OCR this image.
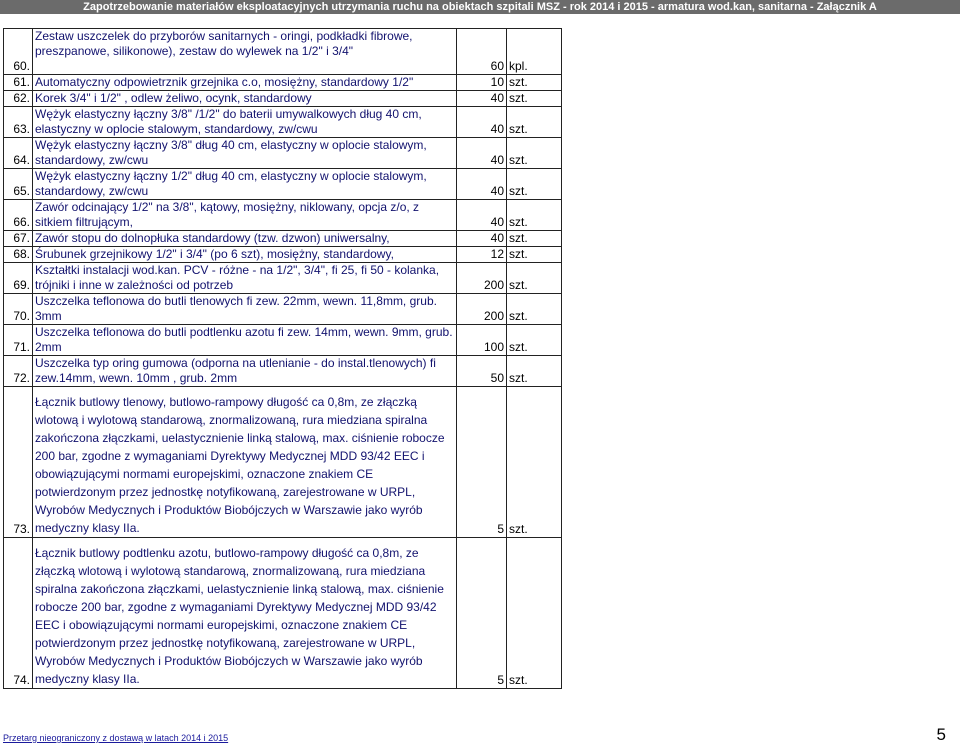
Zapotrzebowanie materiałów eksploatacyjnych utrzymania ruchu na obiektach szpitali MSZ - rok 2014 i 2015 - armatura wod.kan, sanitarna - Załącznik A
60.	Zestaw uszczelek do przyborów sanitarnych - oringi, podkładki fibrowe, preszpanowe, silikonowe), zestaw do wylewek na 1/2" i 3/4"	60	kpl.
61.	Automatyczny odpowietrznik grzejnika c.o, mosiężny, standardowy 1/2"	10	szt.
62.	Korek 3/4" i 1/2" , odlew żeliwo, ocynk, standardowy	40	szt.
63.	Wężyk elastyczny łączny 3/8" /1/2" do baterii umywalkowych dług 40 cm, elastyczny w oplocie stalowym, standardowy, zw/cwu	40	szt.
64.	Wężyk elastyczny łączny 3/8" dług 40 cm, elastyczny w oplocie stalowym, standardowy, zw/cwu	40	szt.
65.	Wężyk elastyczny łączny 1/2" dług 40 cm, elastyczny w oplocie stalowym, standardowy, zw/cwu	40	szt.
66.	Zawór odcinający 1/2" na 3/8", kątowy, mosiężny, niklowany, opcja z/o, z sitkiem filtrującym,	40	szt.
67.	Zawór stopu do dolnopłuka standardowy (tzw. dzwon) uniwersalny,	40	szt.
68.	Śrubunek grzejnikowy 1/2" i 3/4" (po 6 szt), mosiężny, standardowy,	12	szt.
69.	Kształtki instalacji wod.kan. PCV - różne - na 1/2", 3/4", fi 25, fi 50 - kolanka, trójniki i inne w zależności od potrzeb	200	szt.
70.	Uszczelka teflonowa do butli tlenowych fi zew. 22mm, wewn. 11,8mm, grub. 3mm	200	szt.
71.	Uszczelka teflonowa do butli podtlenku azotu fi zew. 14mm, wewn. 9mm, grub. 2mm	100	szt.
72.	Uszczelka typ oring gumowa (odporna na utlenianie - do instal.tlenowych) fi zew.14mm, wewn. 10mm , grub. 2mm	50	szt.
73.	Łącznik butlowy tlenowy, butlowo-rampowy długość ca 0,8m, ze złączką wlotową i wylotową standarową, znormalizowaną, rura miedziana spiralna zakończona złączkami, uelastycznienie linką stalową, max. ciśnienie robocze 200 bar, zgodne z wymaganiami Dyrektywy Medycznej MDD 93/42 EEC i obowiązującymi normami europejskimi, oznaczone znakiem CE potwierdzonym przez jednostkę notyfikowaną, zarejestrowane w URPL, Wyrobów Medycznych i Produktów Biobójczych w Warszawie jako wyrób medyczny klasy IIa.	5	szt.
74.	Łącznik butlowy podtlenku azotu, butlowo-rampowy długość ca 0,8m, ze złączką wlotową i wylotową standarową, znormalizowaną, rura miedziana spiralna zakończona złączkami, uelastycznienie linką stalową, max. ciśnienie robocze 200 bar, zgodne z wymaganiami Dyrektywy Medycznej MDD 93/42 EEC i obowiązującymi normami europejskimi, oznaczone znakiem CE potwierdzonym przez jednostkę notyfikowaną, zarejestrowane w URPL, Wyrobów Medycznych i Produktów Biobójczych w Warszawie jako wyrób medyczny klasy IIa.	5	szt.
Przetarg nieograniczony z dostawą w latach 2014 i 2015	5
